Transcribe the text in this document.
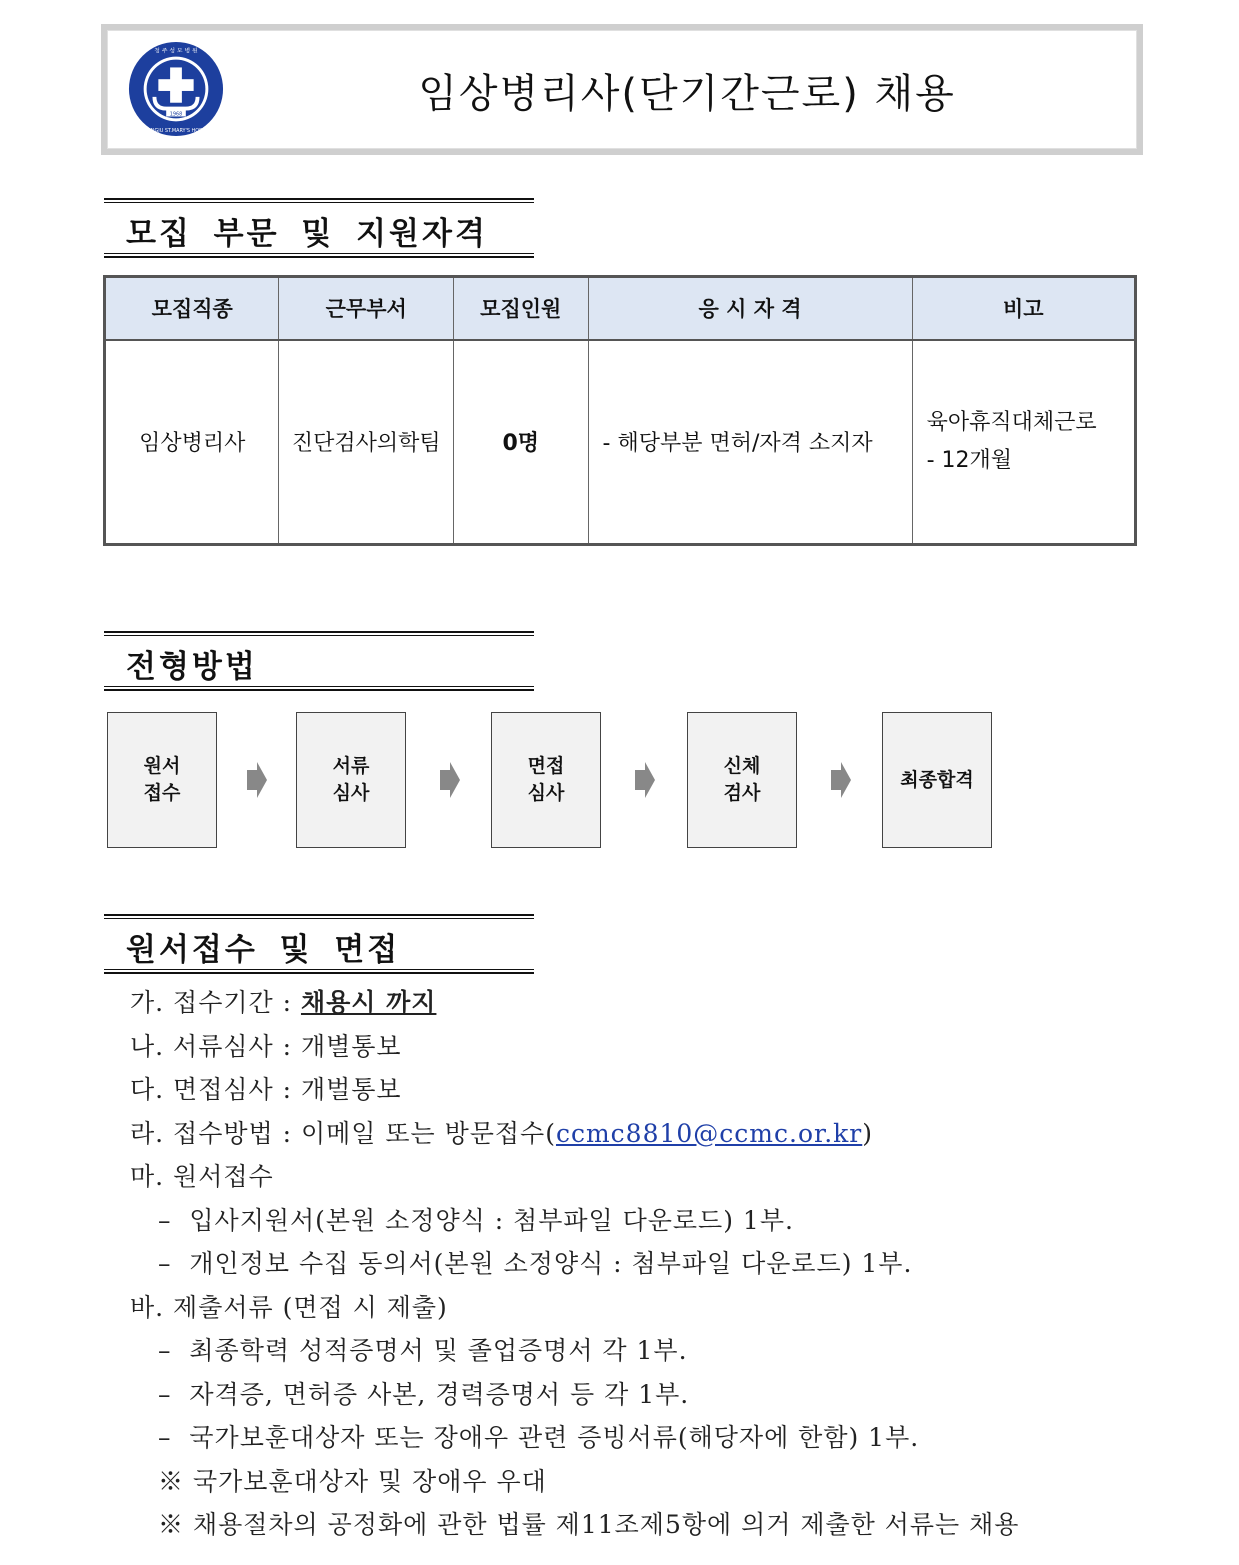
1968
청 주 성 모 병 원
CHEONGJU ST.MARY'S HOSPITAL
임상병리사(단기간근로) 채용
모집 부문 및 지원자격
모집직종	근무부서	모집인원	응 시 자 격	비고
임상병리사	진단검사의학팀	0명	- 해당부분 면허/자격 소지자	육아휴직대체근로
- 12개월
전형방법
원서
접수
서류
심사
면접
심사
신체
검사
최종합격
원서접수 및 면접
가. 접수기간 : 채용시 까지
나. 서류심사 : 개별통보
다. 면접심사 : 개벌통보
라. 접수방법 : 이메일 또는 방문접수(ccmc8810@ccmc.or.kr)
마. 원서접수
–  입사지원서(본원 소정양식 : 첨부파일 다운로드) 1부.
–  개인정보 수집 동의서(본원 소정양식 : 첨부파일 다운로드) 1부.
바. 제출서류 (면접 시 제출)
–  최종학력 성적증명서 및 졸업증명서 각 1부.
–  자격증, 면허증 사본, 경력증명서 등 각 1부.
–  국가보훈대상자 또는 장애우 관련 증빙서류(해당자에 한함) 1부.
※ 국가보훈대상자 및 장애우 우대
※ 채용절차의 공정화에 관한 법률 제11조제5항에 의거 제출한 서류는 채용
